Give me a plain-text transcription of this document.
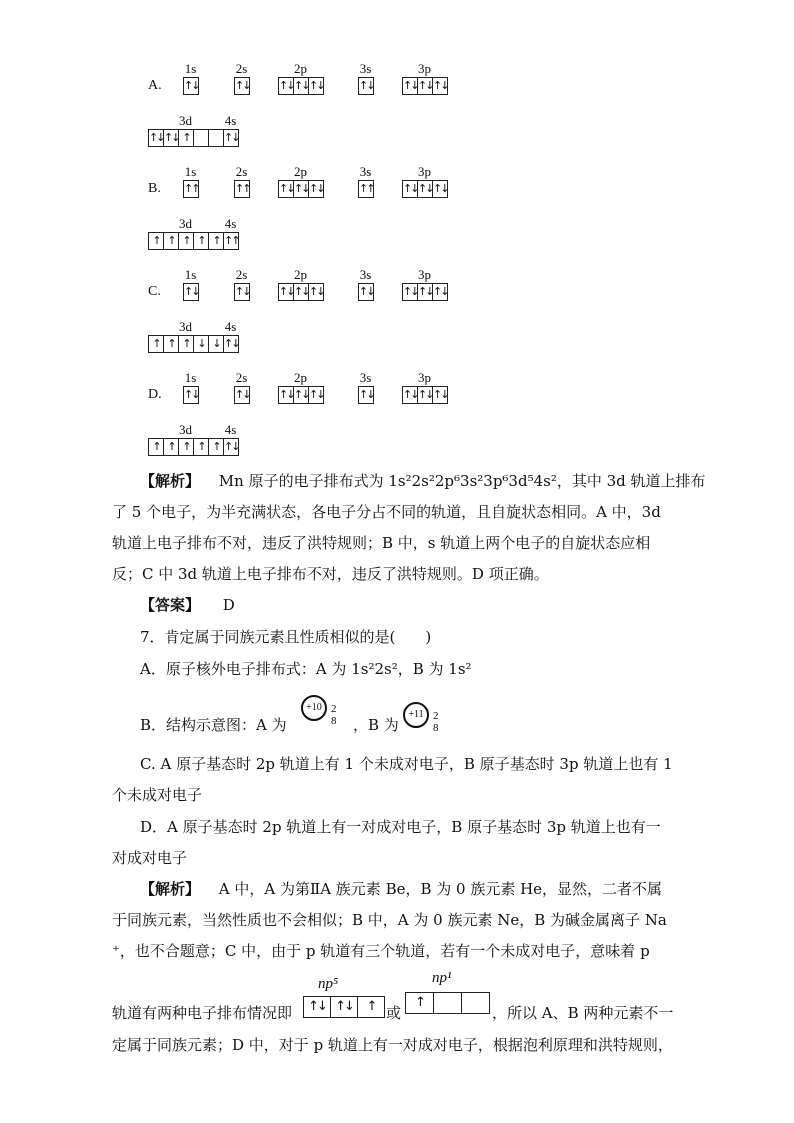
A.
1s
↑↓
2s
↑↓
2p
↑↓ ↑↓ ↑↓
3s
↑↓
3p
↑↓ ↑↓ ↑↓
3d
↑↓ ↑↓ ↑
4s
↑↓
B.
1s
↑↑
2s
↑↑
2p
↑↓ ↑↓ ↑↓
3s
↑↑
3p
↑↓ ↑↓ ↑↓
3d
↑ ↑ ↑ ↑ ↑
4s
↑↑
C.
1s
↑↓
2s
↑↓
2p
↑↓ ↑↓ ↑↓
3s
↑↓
3p
↑↓ ↑↓ ↑↓
3d
↑ ↑ ↑ ↓ ↓
4s
↑↓
D.
1s
↑↓
2s
↑↓
2p
↑↓ ↑↓ ↑↓
3s
↑↓
3p
↑↓ ↑↓ ↑↓
3d
↑ ↑ ↑ ↑ ↑
4s
↑↓
【解析】 Mn 原子的电子排布式为 1s²2s²2p⁶3s²3p⁶3d⁵4s²，其中 3d 轨道上排布
了 5 个电子，为半充满状态，各电子分占不同的轨道，且自旋状态相同。A 中，3d
轨道上电子排布不对，违反了洪特规则；B 中，s 轨道上两个电子的自旋状态应相
反；C 中 3d 轨道上电子排布不对，违反了洪特规则。D 项正确。
【答案】 D
7．肯定属于同族元素且性质相似的是(　　)
A．原子核外电子排布式：A 为 1s²2s²，B 为 1s²
B．结构示意图：A 为
+10 2 8 ，B 为
+11 2 8
C. A 原子基态时 2p 轨道上有 1 个未成对电子，B 原子基态时 3p 轨道上也有 1
个未成对电子
D．A 原子基态时 2p 轨道上有一对成对电子，B 原子基态时 3p 轨道上也有一
对成对电子
【解析】 A 中，A 为第ⅡA 族元素 Be，B 为 0 族元素 He，显然，二者不属
于同族元素，当然性质也不会相似；B 中，A 为 0 族元素 Ne，B 为碱金属离子 Na
⁺，也不合题意；C 中，由于 p 轨道有三个轨道，若有一个未成对电子，意味着 p
轨道有两种电子排布情况即
np⁵
↑↓ ↑↓	↑ 或
np¹
↑
，所以 A、B 两种元素不一
定属于同族元素；D 中，对于 p 轨道上有一对成对电子，根据泡利原理和洪特规则，
